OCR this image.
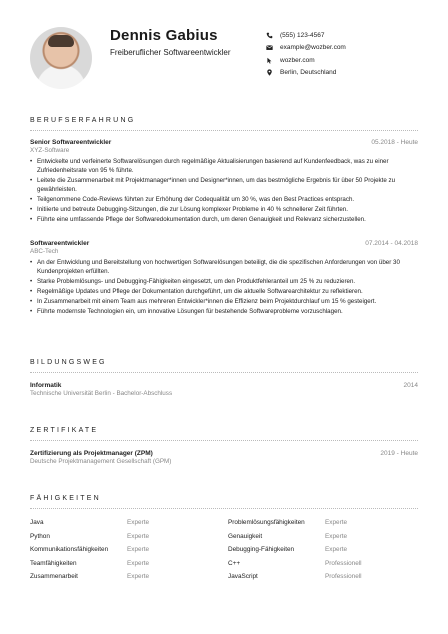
Dennis Gabius
Freiberuflicher Softwareentwickler
(555) 123-4567
example@wozber.com
wozber.com
Berlin, Deutschland
BERUFSERFAHRUNG
Senior Softwareentwickler	05.2018 - Heute
XYZ-Software
• Entwickelte und verfeinerte Softwarelösungen durch regelmäßige Aktualisierungen basierend auf Kundenfeedback, was zu einer Zufriedenheitsrate von 95 % führte.
• Leitete die Zusammenarbeit mit Projektmanager*innen und Designer*innen, um das bestmögliche Ergebnis für über 50 Projekte zu gewährleisten.
• Teilgenommene Code-Reviews führten zur Erhöhung der Codequalität um 30 %, was den Best Practices entsprach.
• Initiierte und betreute Debugging-Sitzungen, die zur Lösung komplexer Probleme in 40 % schnellerer Zeit führten.
• Führte eine umfassende Pflege der Softwaredokumentation durch, um deren Genauigkeit und Relevanz sicherzustellen.
Softwareentwickler	07.2014 - 04.2018
ABC-Tech
• An der Entwicklung und Bereitstellung von hochwertigen Softwarelösungen beteiligt, die die spezifischen Anforderungen von über 30 Kundenprojekten erfüllten.
• Starke Problemlösungs- und Debugging-Fähigkeiten eingesetzt, um den Produktfehleranteil um 25 % zu reduzieren.
• Regelmäßige Updates und Pflege der Dokumentation durchgeführt, um die aktuelle Softwarearchitektur zu reflektieren.
• In Zusammenarbeit mit einem Team aus mehreren Entwickler*innen die Effizienz beim Projektdurchlauf um 15 % gesteigert.
• Führte modernste Technologien ein, um innovative Lösungen für bestehende Softwareprobleme vorzuschlagen.
BILDUNGSWEG
Informatik	2014
Technische Universität Berlin - Bachelor-Abschluss
ZERTIFIKATE
Zertifizierung als Projektmanager (ZPM)	2019 - Heute
Deutsche Projektmanagement Gesellschaft (GPM)
FÄHIGKEITEN
Java	Experte	Problemlösungsfähigkeiten	Experte
Python	Experte	Genauigkeit	Experte
Kommunikationsfähigkeiten	Experte	Debugging-Fähigkeiten	Experte
Teamfähigkeiten	Experte	C++	Professionell
Zusammenarbeit	Experte	JavaScript	Professionell
